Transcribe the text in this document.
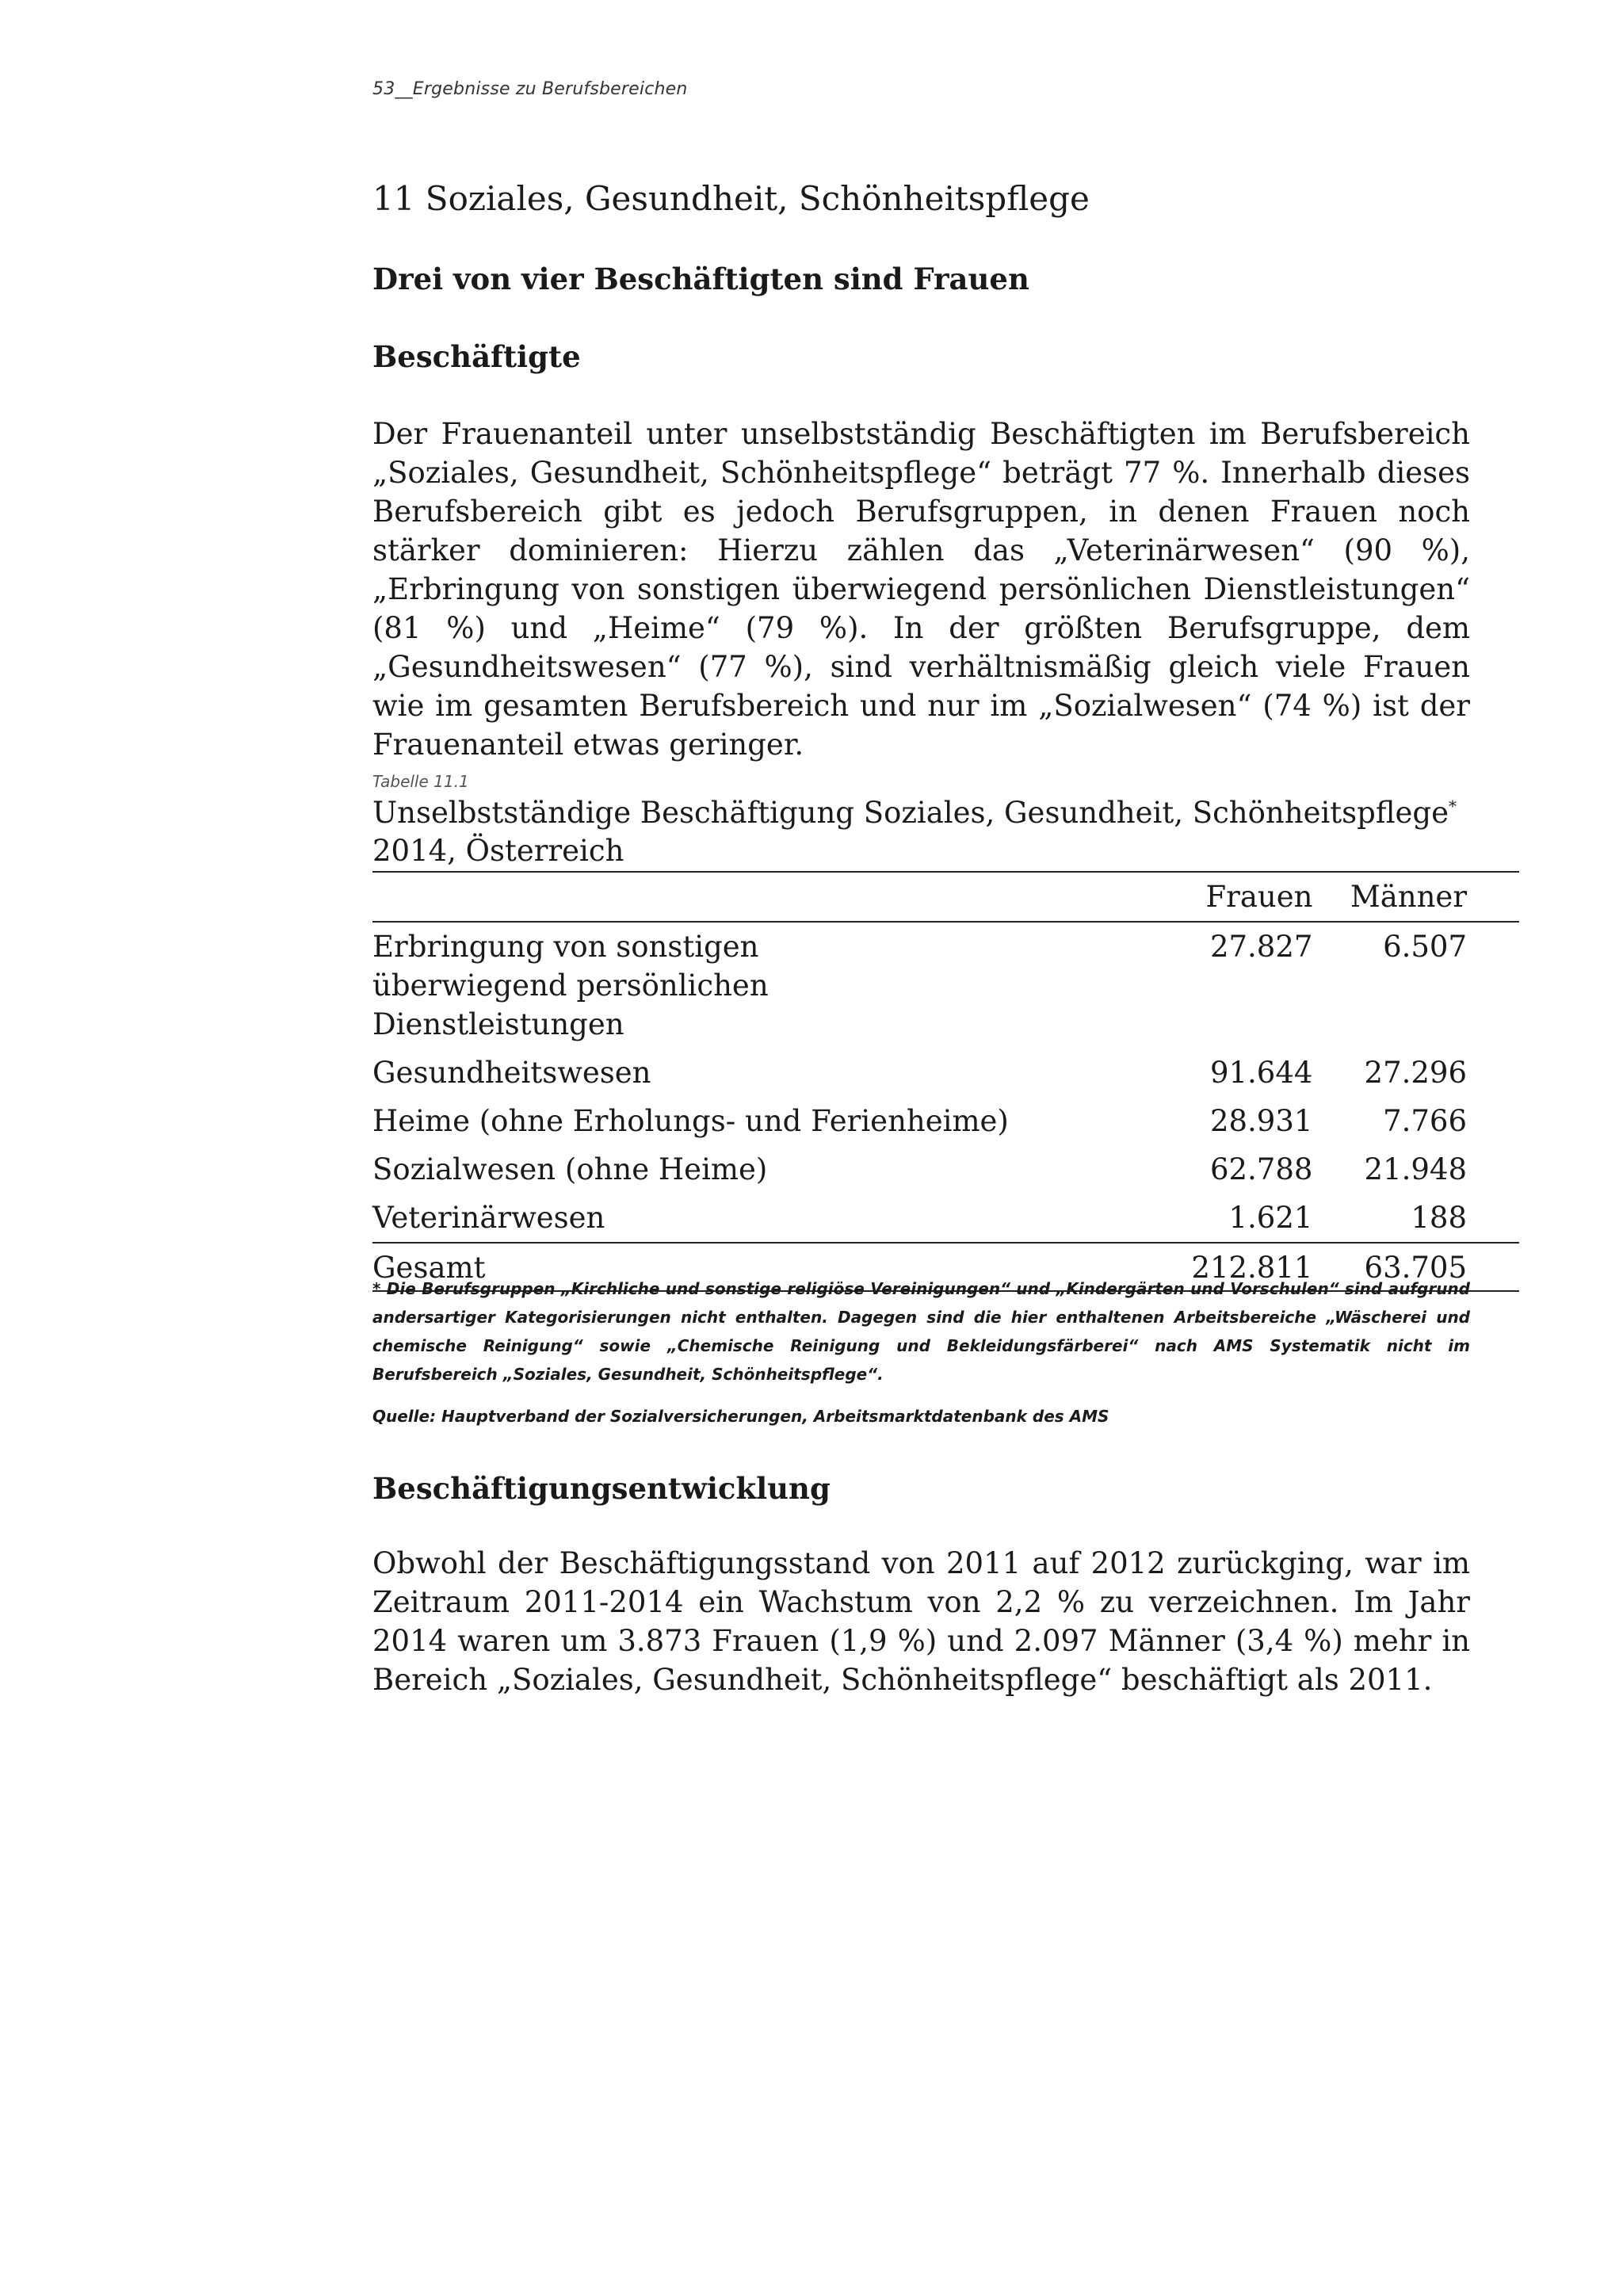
53__Ergebnisse zu Berufsbereichen
11 Soziales, Gesundheit, Schönheitspflege
Drei von vier Beschäftigten sind Frauen
Beschäftigte

Der Frauenanteil unter unselbstständig Beschäftigten im Berufsbereich „Soziales, Gesundheit, Schönheitspflege“ beträgt 77 %. Innerhalb dieses Berufsbereich gibt es jedoch Berufsgruppen, in denen Frauen noch stärker dominieren: Hierzu zählen das „Veterinärwesen“ (90 %), „Erbringung von sonstigen überwiegend persönlichen Dienstleistungen“ (81 %) und „Heime“ (79 %). In der größten Berufsgruppe, dem „Gesundheitswesen“ (77 %), sind verhältnismäßig gleich viele Frauen wie im gesamten Berufsbereich und nur im „Sozialwesen“ (74 %) ist der Frauenanteil etwas geringer.

Tabelle 11.1
Unselbstständige Beschäftigung Soziales, Gesundheit, Schönheitspflege* 2014, Österreich
	Frauen	Männer
Erbringung von sonstigen überwiegend persönlichen Dienstleistungen	27.827	6.507
Gesundheitswesen	91.644	27.296
Heime (ohne Erholungs- und Ferienheime)	28.931	7.766
Sozialwesen (ohne Heime)	62.788	21.948
Veterinärwesen	1.621	188
Gesamt	212.811	63.705

* Die Berufsgruppen „Kirchliche und sonstige religiöse Vereinigungen“ und „Kindergärten und Vorschulen“ sind aufgrund andersartiger Kategorisierungen nicht enthalten. Dagegen sind die hier enthaltenen Arbeitsbereiche „Wäscherei und chemische Reinigung“ sowie „Chemische Reinigung und Bekleidungsfärberei“ nach AMS Systematik nicht im Berufsbereich „Soziales, Gesundheit, Schönheitspflege“.

Quelle: Hauptverband der Sozialversicherungen, Arbeitsmarktdatenbank des AMS

Beschäftigungsentwicklung

Obwohl der Beschäftigungsstand von 2011 auf 2012 zurückging, war im Zeitraum 2011-2014 ein Wachstum von 2,2 % zu verzeichnen. Im Jahr 2014 waren um 3.873 Frauen (1,9 %) und 2.097 Männer (3,4 %) mehr in Bereich „Soziales, Gesundheit, Schönheitspflege“ beschäftigt als 2011.
